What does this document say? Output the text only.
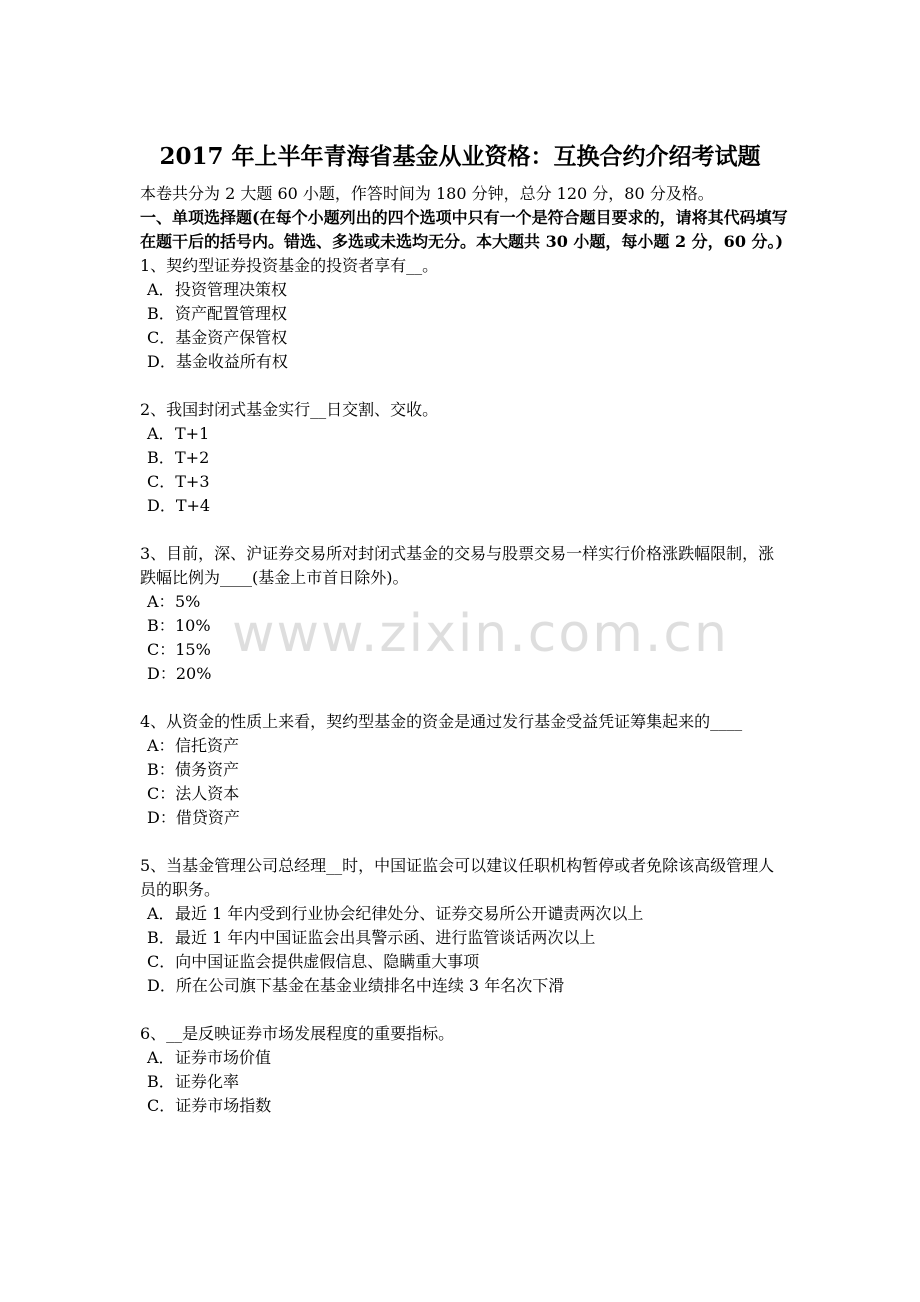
2017 年上半年青海省基金从业资格：互换合约介绍考试题

本卷共分为 2 大题 60 小题，作答时间为 180 分钟，总分 120 分，80 分及格。

一、单项选择题(在每个小题列出的四个选项中只有一个是符合题目要求的，请将其代码填写在题干后的括号内。错选、多选或未选均无分。本大题共 30 小题，每小题 2 分，60 分。)

1、契约型证券投资基金的投资者享有__。

A．投资管理决策权
B．资产配置管理权
C．基金资产保管权
D．基金收益所有权

2、我国封闭式基金实行__日交割、交收。

A．T+1
B．T+2
C．T+3
D．T+4

3、目前，深、沪证券交易所对封闭式基金的交易与股票交易一样实行价格涨跌幅限制，涨跌幅比例为____(基金上市首日除外)。

A：5%
B：10%
C：15%
D：20%

4、从资金的性质上来看，契约型基金的资金是通过发行基金受益凭证筹集起来的____

A：信托资产
B：债务资产
C：法人资本
D：借贷资产

5、当基金管理公司总经理__时，中国证监会可以建议任职机构暂停或者免除该高级管理人员的职务。

A．最近 1 年内受到行业协会纪律处分、证券交易所公开谴责两次以上
B．最近 1 年内中国证监会出具警示函、进行监管谈话两次以上
C．向中国证监会提供虚假信息、隐瞒重大事项
D．所在公司旗下基金在基金业绩排名中连续 3 年名次下滑

6、__是反映证券市场发展程度的重要指标。

A．证券市场价值
B．证券化率
C．证券市场指数
www.zixin.com.cn
